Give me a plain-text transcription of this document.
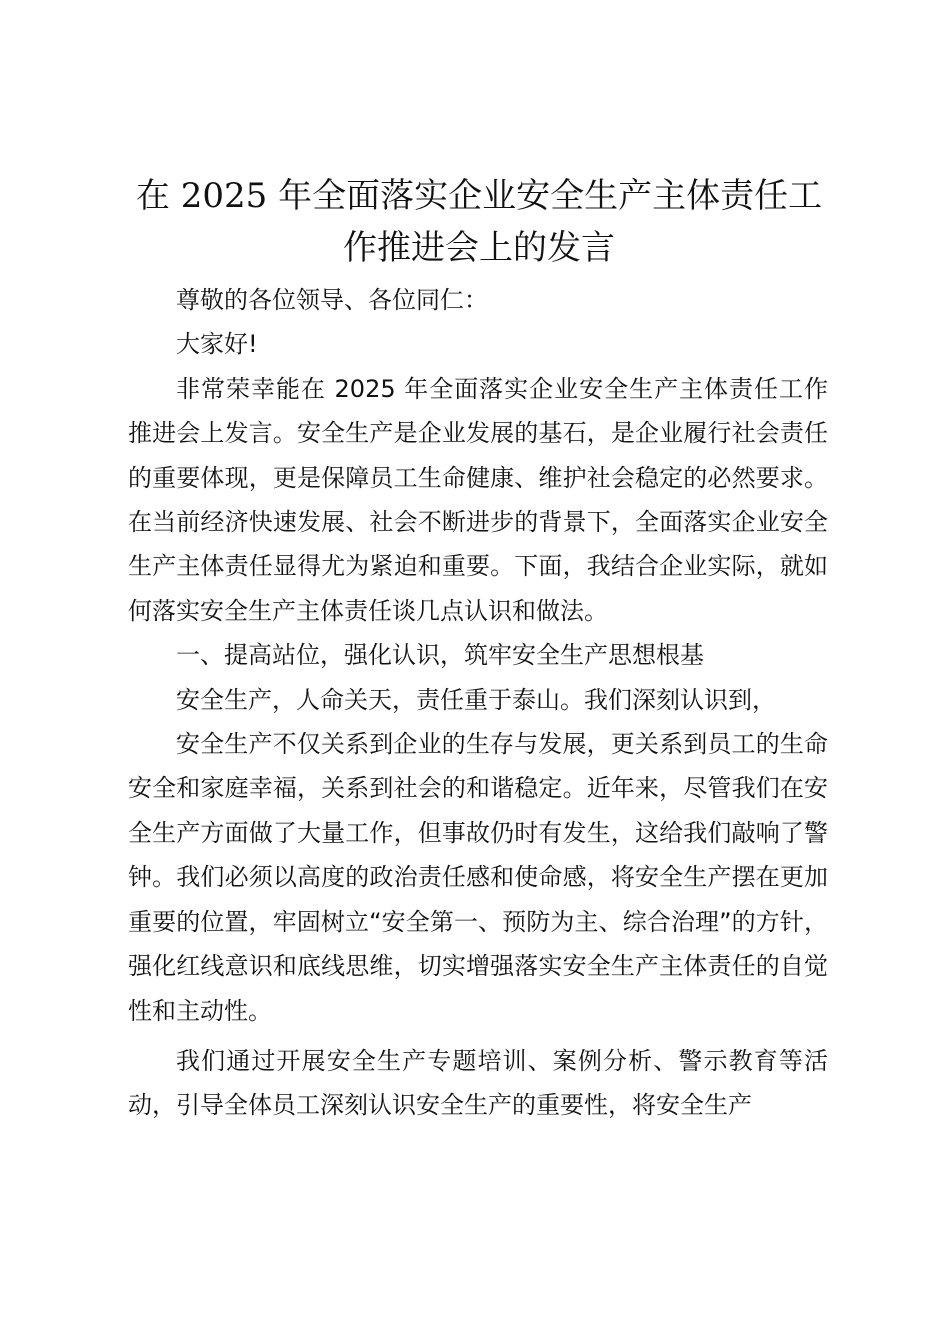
在 2025 年全面落实企业安全生产主体责任工
作推进会上的发言

尊敬的各位领导、各位同仁：

大家好!

非常荣幸能在 2025 年全面落实企业安全生产主体责任工作推进会上发言。安全生产是企业发展的基石，是企业履行社会责任的重要体现，更是保障员工生命健康、维护社会稳定的必然要求。在当前经济快速发展、社会不断进步的背景下，全面落实企业安全生产主体责任显得尤为紧迫和重要。下面，我结合企业实际，就如何落实安全生产主体责任谈几点认识和做法。

一、提高站位，强化认识，筑牢安全生产思想根基

安全生产，人命关天，责任重于泰山。我们深刻认识到，

安全生产不仅关系到企业的生存与发展，更关系到员工的生命安全和家庭幸福，关系到社会的和谐稳定。近年来，尽管我们在安全生产方面做了大量工作，但事故仍时有发生，这给我们敲响了警钟。我们必须以高度的政治责任感和使命感，将安全生产摆在更加重要的位置，牢固树立“安全第一、预防为主、综合治理”的方针，强化红线意识和底线思维，切实增强落实安全生产主体责任的自觉性和主动性。

我们通过开展安全生产专题培训、案例分析、警示教育等活动，引导全体员工深刻认识安全生产的重要性，将安全生产
